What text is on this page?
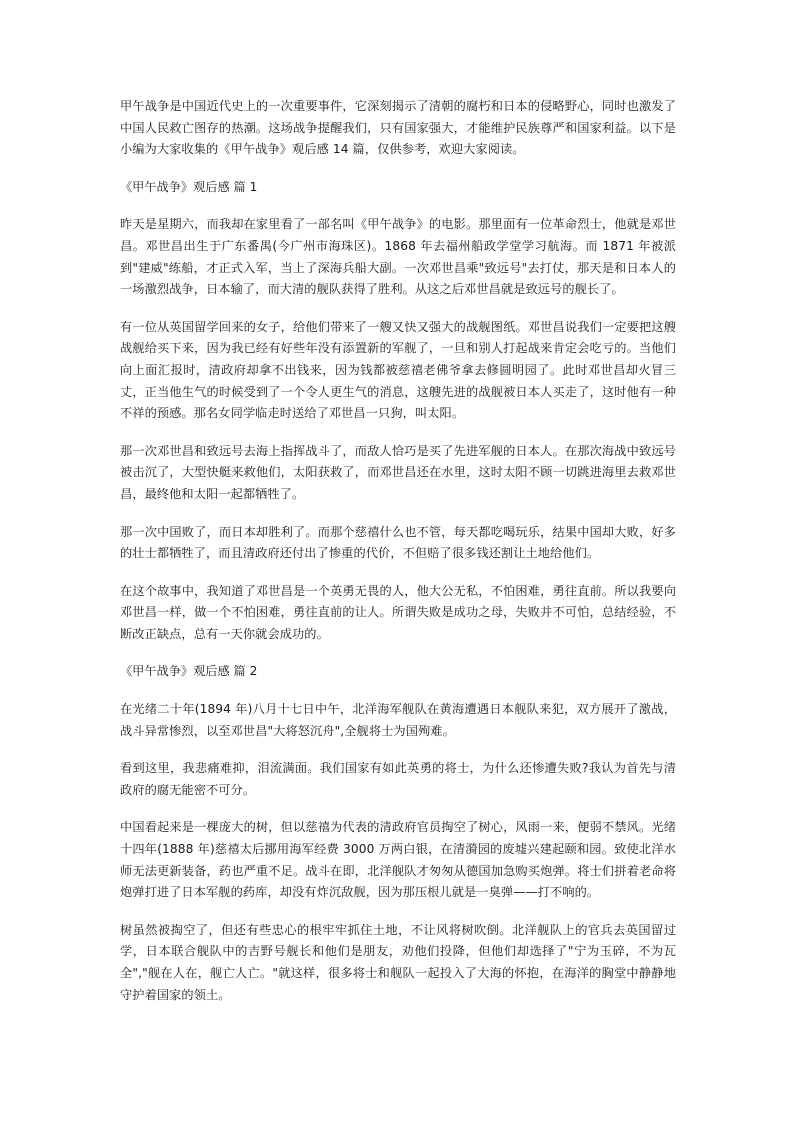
甲午战争是中国近代史上的一次重要事件，它深刻揭示了清朝的腐朽和日本的侵略野心，同时也激发了中国人民救亡图存的热潮。这场战争提醒我们，只有国家强大，才能维护民族尊严和国家利益。以下是小编为大家收集的《甲午战争》观后感 14 篇，仅供参考，欢迎大家阅读。

《甲午战争》观后感 篇 1

昨天是星期六，而我却在家里看了一部名叫《甲午战争》的电影。那里面有一位革命烈士，他就是邓世昌。邓世昌出生于广东番禺(今广州市海珠区)。1868 年去福州船政学堂学习航海。而 1871 年被派到"建威"练船，才正式入军，当上了深海兵船大副。一次邓世昌乘"致远号"去打仗，那天是和日本人的一场激烈战争，日本输了，而大清的舰队获得了胜利。从这之后邓世昌就是致远号的舰长了。

有一位从英国留学回来的女子，给他们带来了一艘又快又强大的战舰图纸。邓世昌说我们一定要把这艘战舰给买下来，因为我已经有好些年没有添置新的军舰了，一旦和别人打起战来肯定会吃亏的。当他们向上面汇报时，清政府却拿不出钱来，因为钱都被慈禧老佛爷拿去修圆明园了。此时邓世昌却火冒三丈，正当他生气的时候受到了一个令人更生气的消息，这艘先进的战舰被日本人买走了，这时他有一种不祥的预感。那名女同学临走时送给了邓世昌一只狗，叫太阳。

那一次邓世昌和致远号去海上指挥战斗了，而敌人恰巧是买了先进军舰的日本人。在那次海战中致远号被击沉了，大型快艇来救他们，太阳获救了，而邓世昌还在水里，这时太阳不顾一切跳进海里去救邓世昌，最终他和太阳一起都牺牲了。

那一次中国败了，而日本却胜利了。而那个慈禧什么也不管，每天都吃喝玩乐，结果中国却大败，好多的壮士都牺牲了，而且清政府还付出了惨重的代价，不但赔了很多钱还割让土地给他们。

在这个故事中，我知道了邓世昌是一个英勇无畏的人，他大公无私，不怕困难，勇往直前。所以我要向邓世昌一样，做一个不怕困难，勇往直前的让人。所谓失败是成功之母，失败并不可怕，总结经验，不断改正缺点，总有一天你就会成功的。

《甲午战争》观后感 篇 2

在光绪二十年(1894 年)八月十七日中午，北洋海军舰队在黄海遭遇日本舰队来犯，双方展开了激战，战斗异常惨烈，以至邓世昌"大将怒沉舟",全舰将士为国殉难。

看到这里，我悲痛难抑，泪流满面。我们国家有如此英勇的将士，为什么还惨遭失败?我认为首先与清政府的腐无能密不可分。

中国看起来是一棵庞大的树，但以慈禧为代表的清政府官员掏空了树心，风雨一来，便弱不禁风。光绪十四年(1888 年)慈禧太后挪用海军经费 3000 万两白银，在清漪园的废墟兴建起颐和园。致使北洋水师无法更新装备，药也严重不足。战斗在即，北洋舰队才匆匆从德国加急购买炮弹。将士们拼着老命将炮弹打进了日本军舰的药库，却没有炸沉敌舰，因为那压根儿就是一臭弹——打不响的。

树虽然被掏空了，但还有些忠心的根牢牢抓住土地，不让风将树吹倒。北洋舰队上的官兵去英国留过学，日本联合舰队中的吉野号舰长和他们是朋友，劝他们投降，但他们却选择了"宁为玉碎，不为瓦全","舰在人在，舰亡人亡。"就这样，很多将士和舰队一起投入了大海的怀抱，在海洋的胸堂中静静地守护着国家的领土。
